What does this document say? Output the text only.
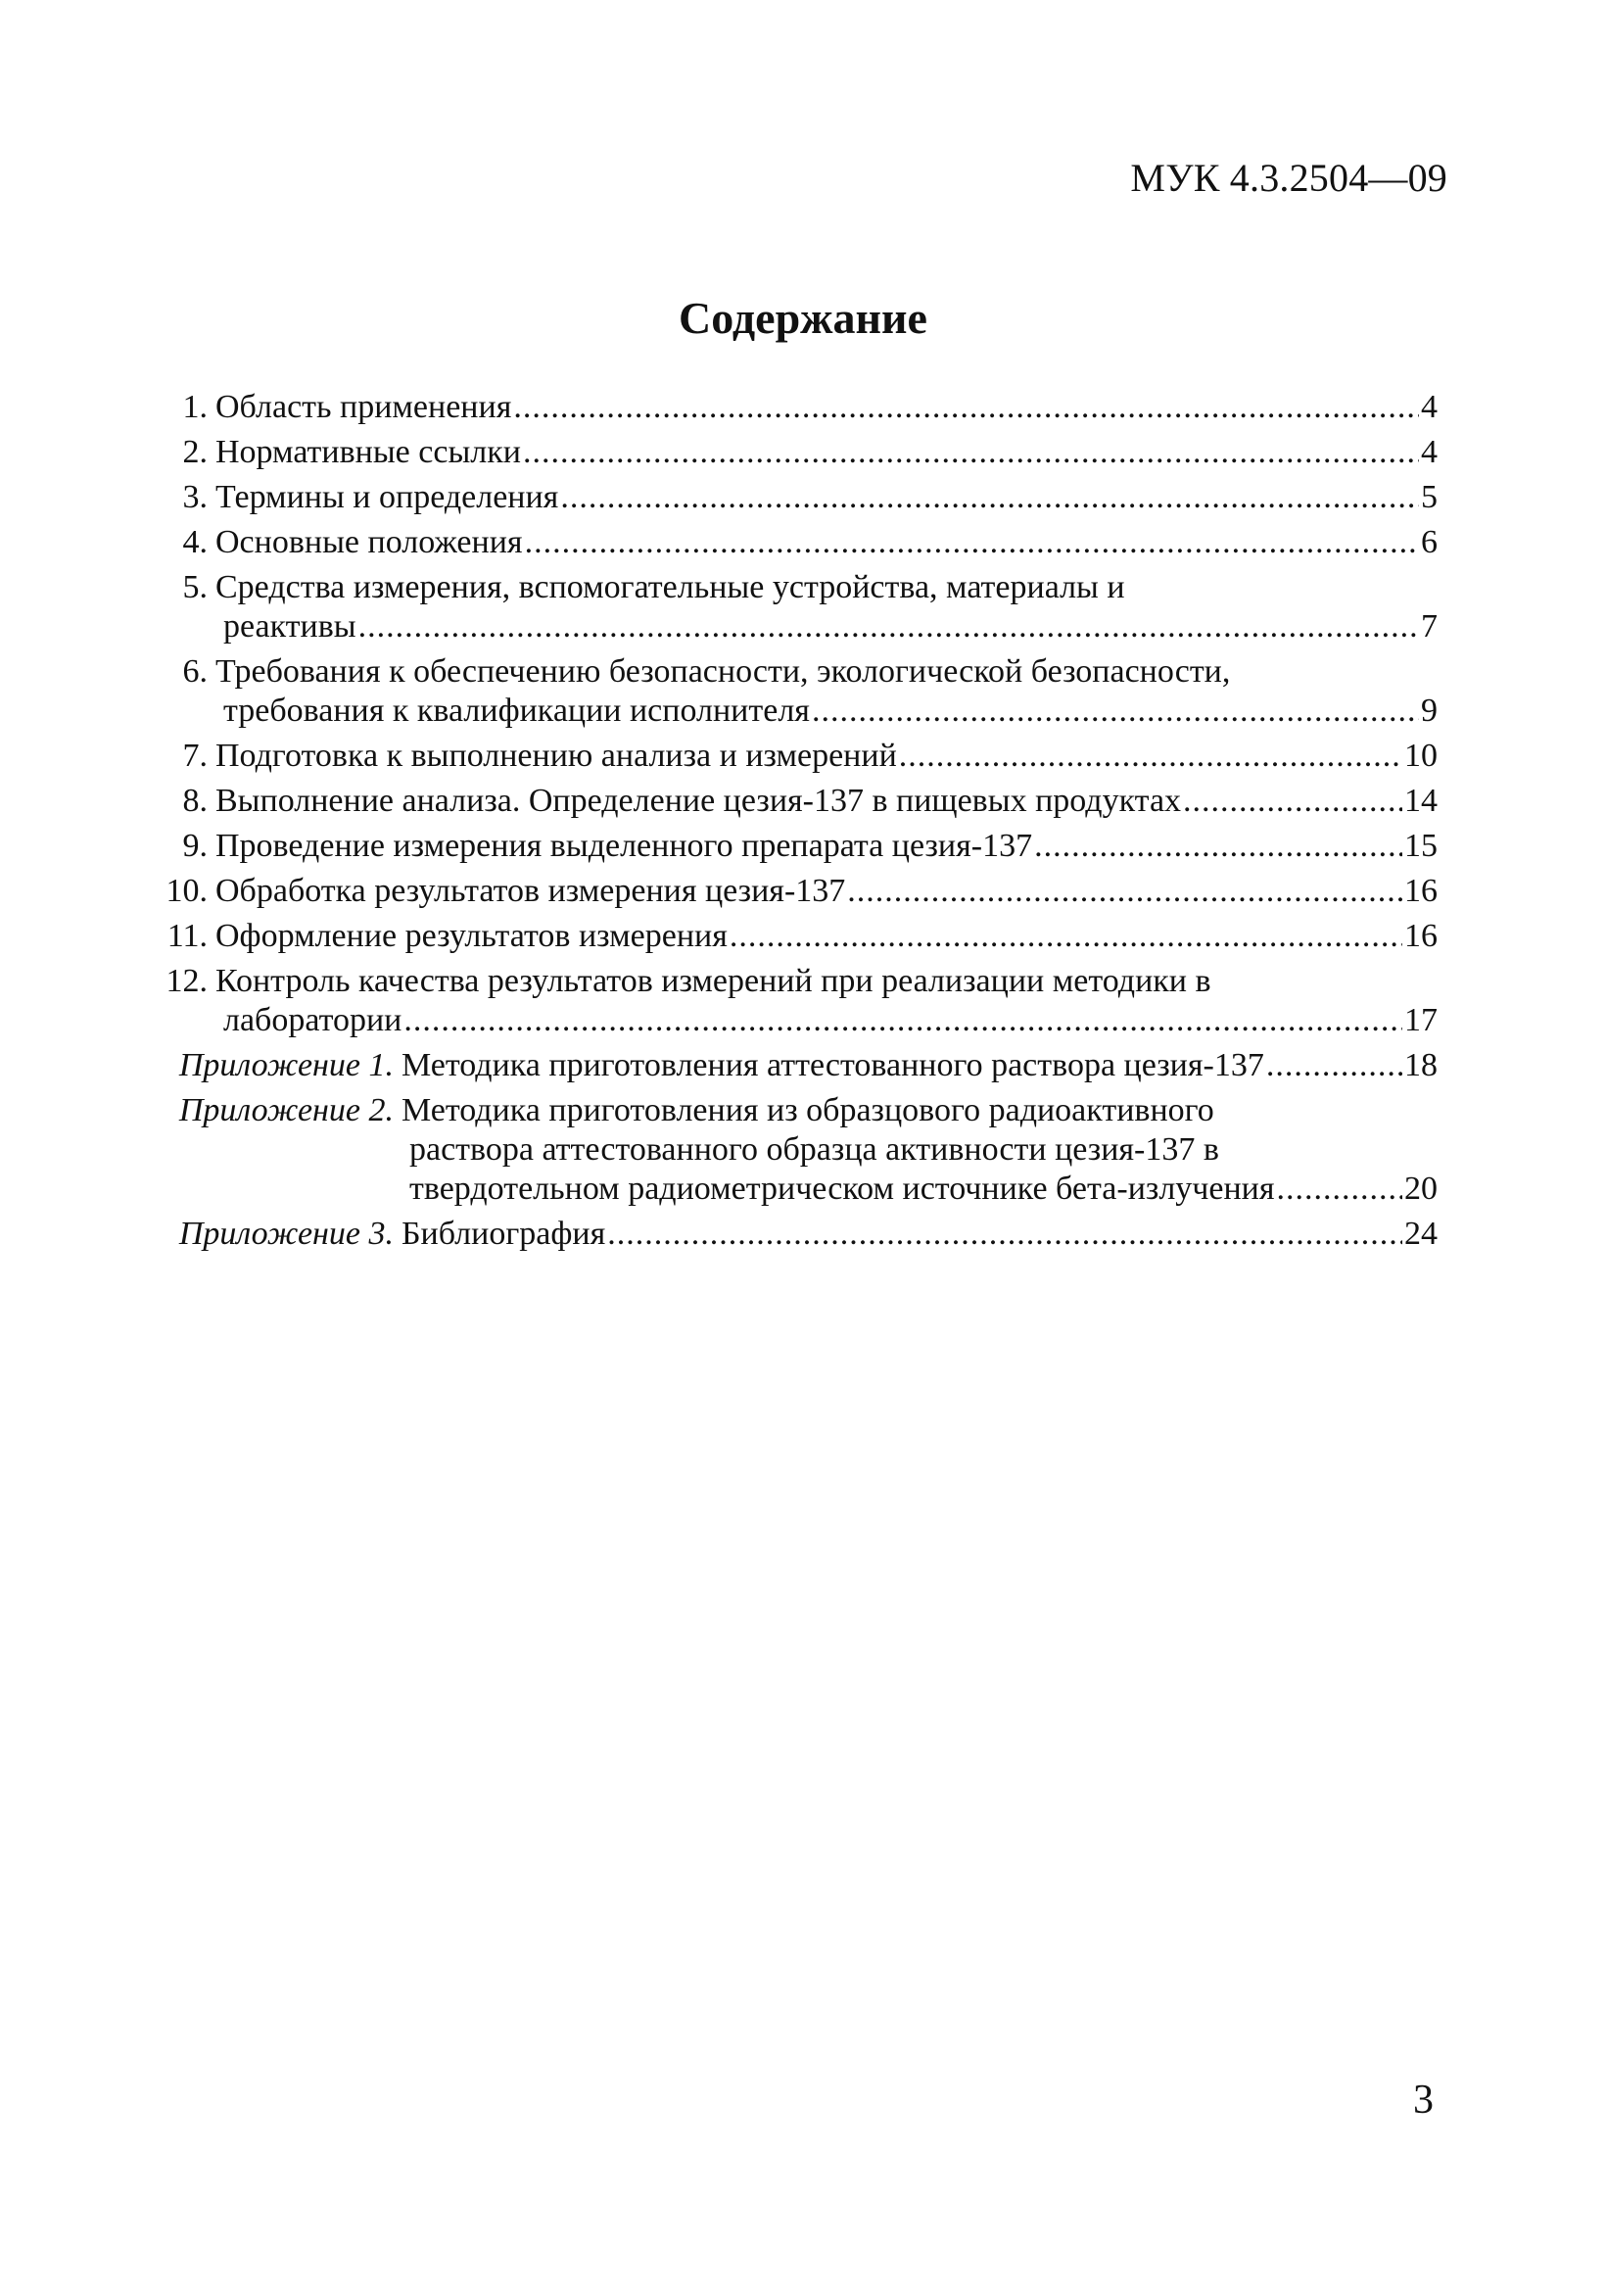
МУК 4.3.2504—09
Содержание
1. Область применения .....	4
2. Нормативные ссылки .....	4
3. Термины и определения .....	5
4. Основные положения .....	6
5. Средства измерения, вспомогательные устройства, материалы и
реактивы .....	7
6. Требования к обеспечению безопасности, экологической безопасности,
требования к квалификации исполнителя .....	9
7. Подготовка к выполнению анализа и измерений .....	10
8. Выполнение анализа. Определение цезия-137 в пищевых продуктах .....	14
9. Проведение измерения выделенного препарата цезия-137 .....	15
10. Обработка результатов измерения цезия-137 .....	16
11. Оформление результатов измерения .....	16
12. Контроль качества результатов измерений при реализации методики в
лаборатории .....	17
Приложение 1. Методика приготовления аттестованного раствора цезия-137 .....	18
Приложение 2. Методика приготовления из образцового радиоактивного
раствора аттестованного образца активности цезия-137 в
твердотельном радиометрическом источнике бета-излучения .....	20
Приложение 3. Библиография .....	24
3
